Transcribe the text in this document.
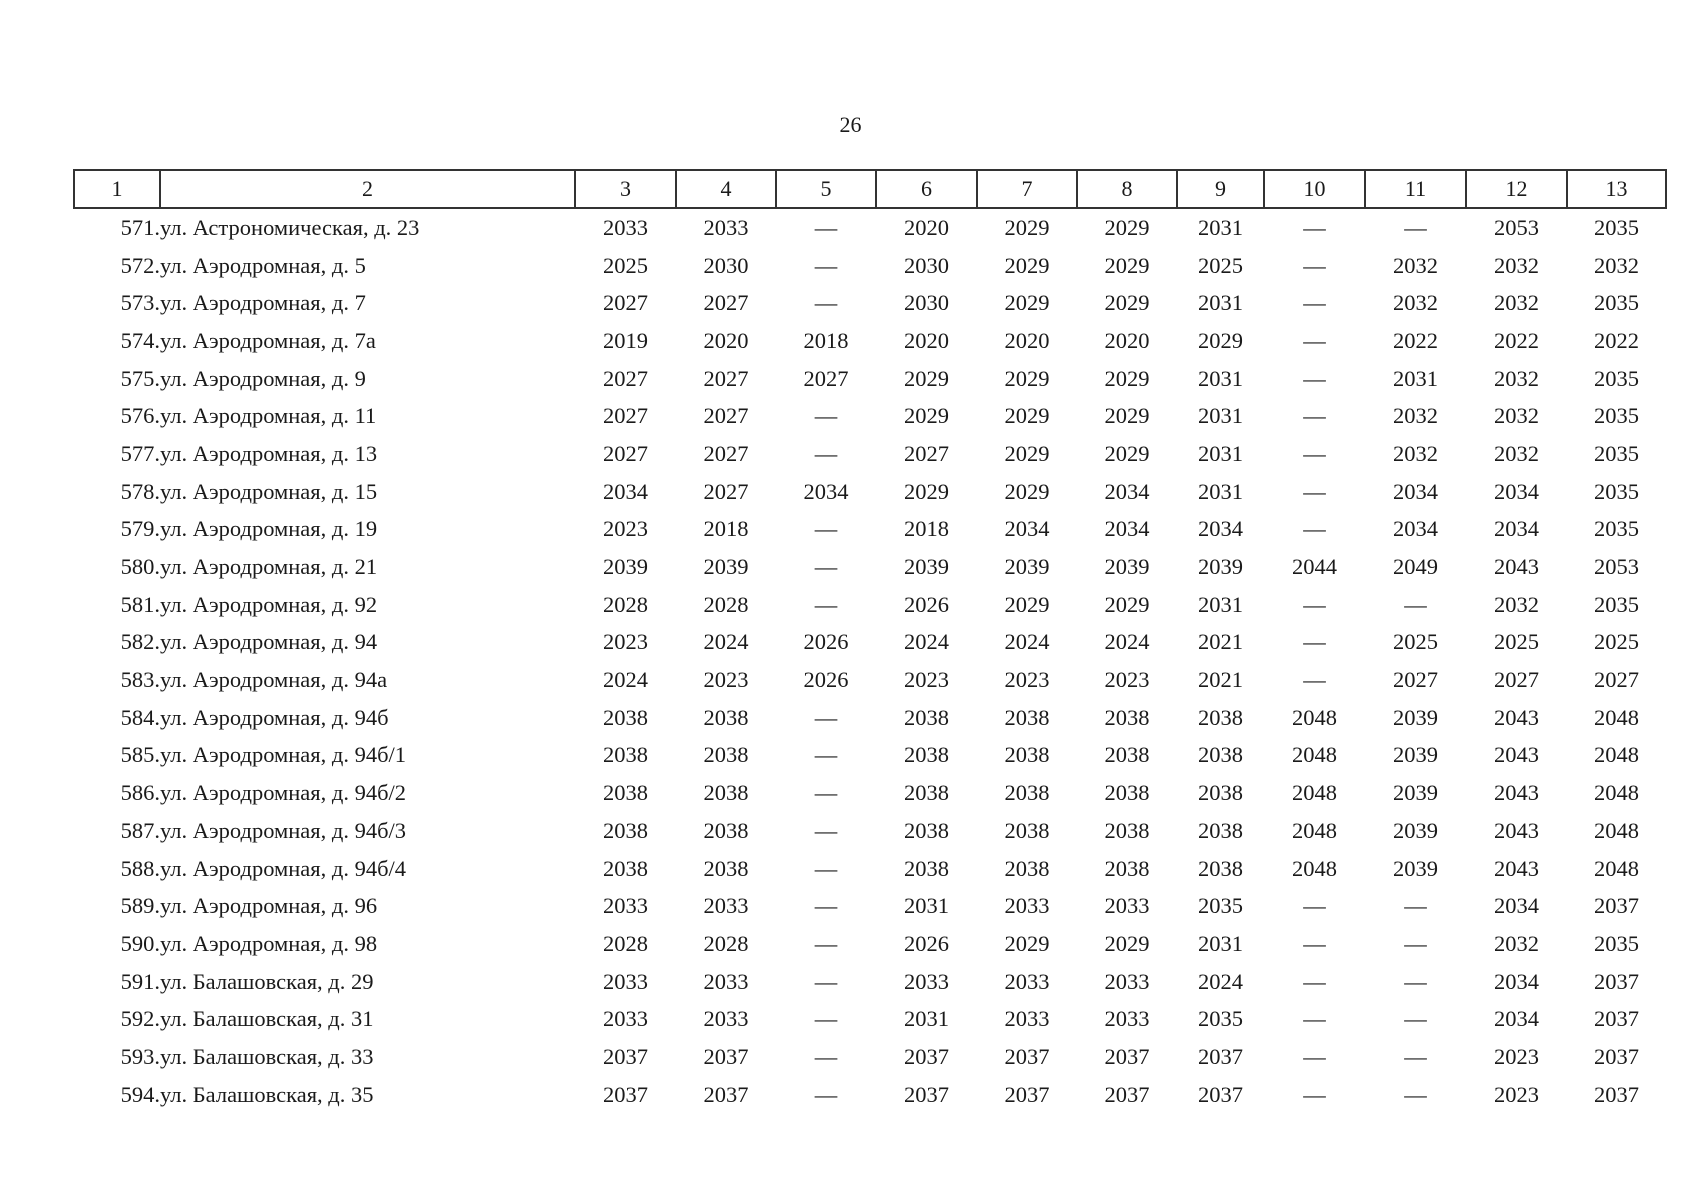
26
1	2	3	4	5	6	7	8	9	10	11	12	13
571.	ул. Астрономическая, д. 23	2033	2033	—	2020	2029	2029	2031	—	—	2053	2035
572.	ул. Аэродромная, д. 5	2025	2030	—	2030	2029	2029	2025	—	2032	2032	2032
573.	ул. Аэродромная, д. 7	2027	2027	—	2030	2029	2029	2031	—	2032	2032	2035
574.	ул. Аэродромная, д. 7а	2019	2020	2018	2020	2020	2020	2029	—	2022	2022	2022
575.	ул. Аэродромная, д. 9	2027	2027	2027	2029	2029	2029	2031	—	2031	2032	2035
576.	ул. Аэродромная, д. 11	2027	2027	—	2029	2029	2029	2031	—	2032	2032	2035
577.	ул. Аэродромная, д. 13	2027	2027	—	2027	2029	2029	2031	—	2032	2032	2035
578.	ул. Аэродромная, д. 15	2034	2027	2034	2029	2029	2034	2031	—	2034	2034	2035
579.	ул. Аэродромная, д. 19	2023	2018	—	2018	2034	2034	2034	—	2034	2034	2035
580.	ул. Аэродромная, д. 21	2039	2039	—	2039	2039	2039	2039	2044	2049	2043	2053
581.	ул. Аэродромная, д. 92	2028	2028	—	2026	2029	2029	2031	—	—	2032	2035
582.	ул. Аэродромная, д. 94	2023	2024	2026	2024	2024	2024	2021	—	2025	2025	2025
583.	ул. Аэродромная, д. 94а	2024	2023	2026	2023	2023	2023	2021	—	2027	2027	2027
584.	ул. Аэродромная, д. 94б	2038	2038	—	2038	2038	2038	2038	2048	2039	2043	2048
585.	ул. Аэродромная, д. 94б/1	2038	2038	—	2038	2038	2038	2038	2048	2039	2043	2048
586.	ул. Аэродромная, д. 94б/2	2038	2038	—	2038	2038	2038	2038	2048	2039	2043	2048
587.	ул. Аэродромная, д. 94б/3	2038	2038	—	2038	2038	2038	2038	2048	2039	2043	2048
588.	ул. Аэродромная, д. 94б/4	2038	2038	—	2038	2038	2038	2038	2048	2039	2043	2048
589.	ул. Аэродромная, д. 96	2033	2033	—	2031	2033	2033	2035	—	—	2034	2037
590.	ул. Аэродромная, д. 98	2028	2028	—	2026	2029	2029	2031	—	—	2032	2035
591.	ул. Балашовская, д. 29	2033	2033	—	2033	2033	2033	2024	—	—	2034	2037
592.	ул. Балашовская, д. 31	2033	2033	—	2031	2033	2033	2035	—	—	2034	2037
593.	ул. Балашовская, д. 33	2037	2037	—	2037	2037	2037	2037	—	—	2023	2037
594.	ул. Балашовская, д. 35	2037	2037	—	2037	2037	2037	2037	—	—	2023	2037
